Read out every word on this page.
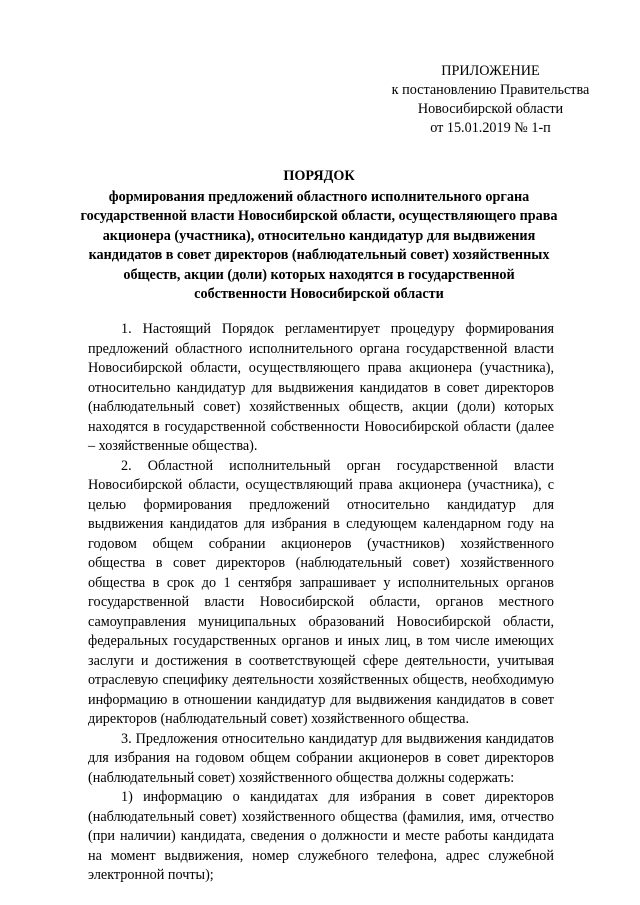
ПРИЛОЖЕНИЕ
к постановлению Правительства
Новосибирской области
от 15.01.2019 № 1-п
ПОРЯДОК
формирования предложений областного исполнительного органа государственной власти Новосибирской области, осуществляющего права акционера (участника), относительно кандидатур для выдвижения кандидатов в совет директоров (наблюдательный совет) хозяйственных обществ, акции (доли) которых находятся в государственной собственности Новосибирской области

1. Настоящий Порядок регламентирует процедуру формирования предложений областного исполнительного органа государственной власти Новосибирской области, осуществляющего права акционера (участника), относительно кандидатур для выдвижения кандидатов в совет директоров (наблюдательный совет) хозяйственных обществ, акции (доли) которых находятся в государственной собственности Новосибирской области (далее – хозяйственные общества).

2. Областной исполнительный орган государственной власти Новосибирской области, осуществляющий права акционера (участника), с целью формирования предложений относительно кандидатур для выдвижения кандидатов для избрания в следующем календарном году на годовом общем собрании акционеров (участников) хозяйственного общества в совет директоров (наблюдательный совет) хозяйственного общества в срок до 1 сентября запрашивает у исполнительных органов государственной власти Новосибирской области, органов местного самоуправления муниципальных образований Новосибирской области, федеральных государственных органов и иных лиц, в том числе имеющих заслуги и достижения в соответствующей сфере деятельности, учитывая отраслевую специфику деятельности хозяйственных обществ, необходимую информацию в отношении кандидатур для выдвижения кандидатов в совет директоров (наблюдательный совет) хозяйственного общества.

3. Предложения относительно кандидатур для выдвижения кандидатов для избрания на годовом общем собрании акционеров в совет директоров (наблюдательный совет) хозяйственного общества должны содержать:

1) информацию о кандидатах для избрания в совет директоров (наблюдательный совет) хозяйственного общества (фамилия, имя, отчество (при наличии) кандидата, сведения о должности и месте работы кандидата на момент выдвижения, номер служебного телефона, адрес служебной электронной почты);
